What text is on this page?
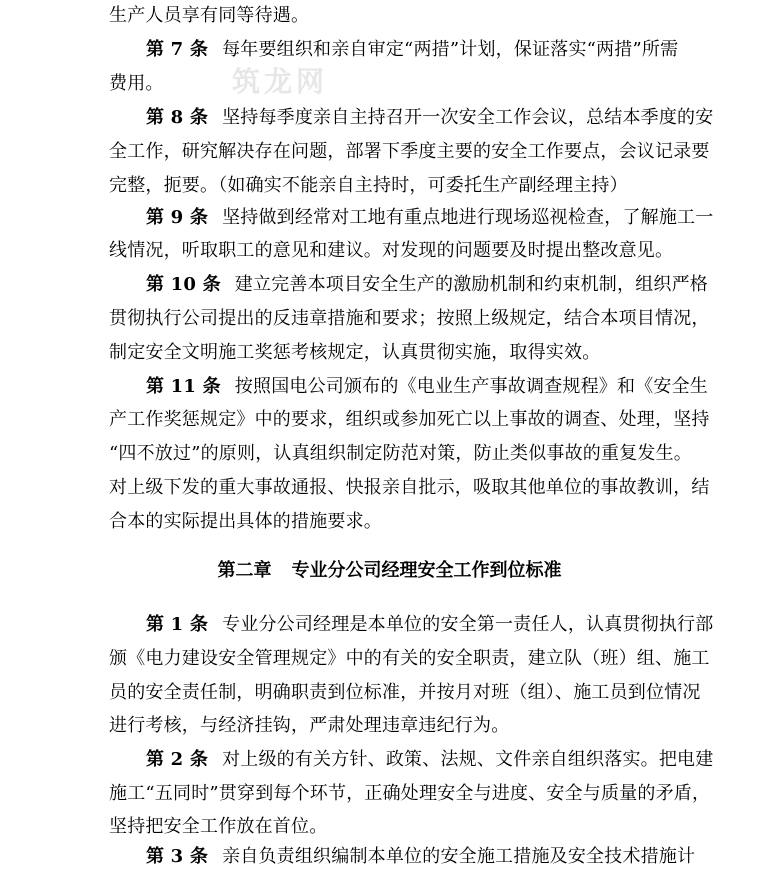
筑龙网
生产人员享有同等待遇。
第 7 条 每年要组织和亲自审定“两措”计划，保证落实“两措”所需
费用。
第 8 条 坚持每季度亲自主持召开一次安全工作会议，总结本季度的安
全工作，研究解决存在问题，部署下季度主要的安全工作要点，会议记录要
完整，扼要。（如确实不能亲自主持时，可委托生产副经理主持）
第 9 条 坚持做到经常对工地有重点地进行现场巡视检查，了解施工一
线情况，听取职工的意见和建议。对发现的问题要及时提出整改意见。
第 10 条 建立完善本项目安全生产的激励机制和约束机制，组织严格
贯彻执行公司提出的反违章措施和要求；按照上级规定，结合本项目情况，
制定安全文明施工奖惩考核规定，认真贯彻实施，取得实效。
第 11 条 按照国电公司颁布的《电业生产事故调查规程》和《安全生
产工作奖惩规定》中的要求，组织或参加死亡以上事故的调查、处理，坚持
“四不放过”的原则，认真组织制定防范对策，防止类似事故的重复发生。
对上级下发的重大事故通报、快报亲自批示，吸取其他单位的事故教训，结
合本的实际提出具体的措施要求。
第二章 专业分公司经理安全工作到位标准
第 1 条 专业分公司经理是本单位的安全第一责任人，认真贯彻执行部
颁《电力建设安全管理规定》中的有关的安全职责，建立队（班）组、施工
员的安全责任制，明确职责到位标准，并按月对班（组）、施工员到位情况
进行考核，与经济挂钩，严肃处理违章违纪行为。
第 2 条 对上级的有关方针、政策、法规、文件亲自组织落实。把电建
施工“五同时”贯穿到每个环节，正确处理安全与进度、安全与质量的矛盾，
坚持把安全工作放在首位。
第 3 条 亲自负责组织编制本单位的安全施工措施及安全技术措施计
